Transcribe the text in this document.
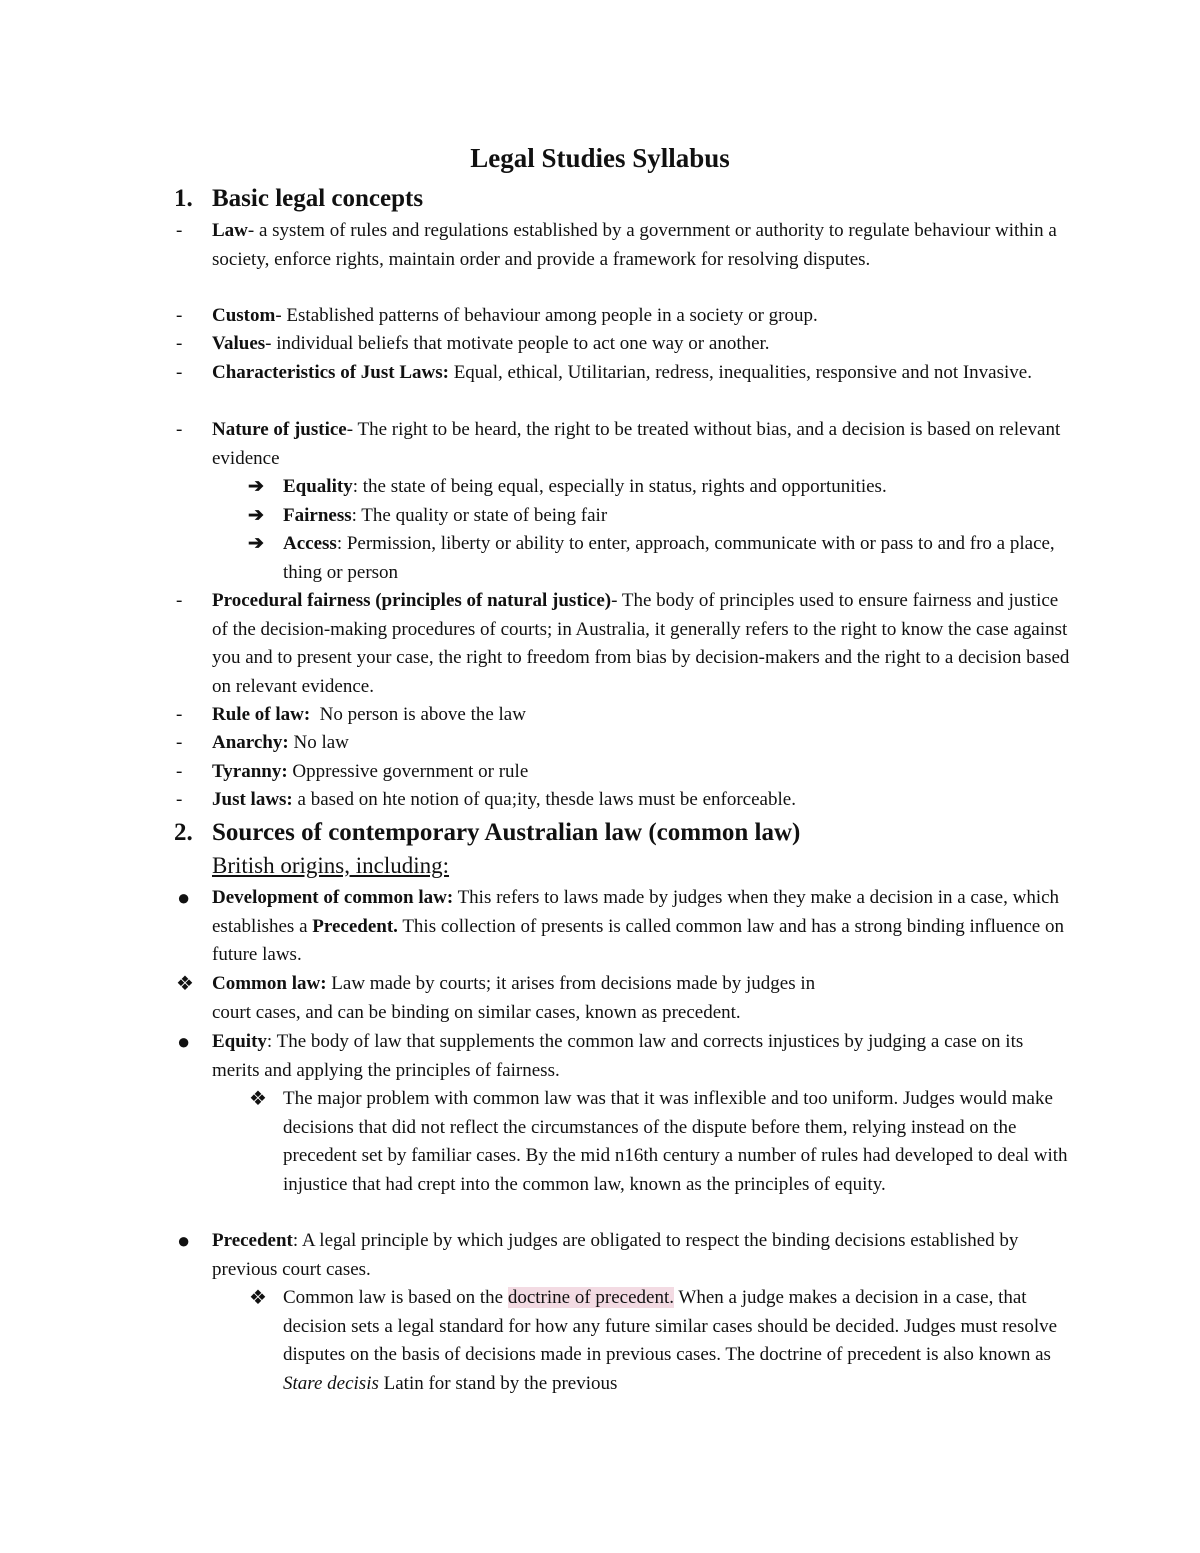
Legal Studies Syllabus
1. Basic legal concepts
- Law- a system of rules and regulations established by a government or authority to regulate behaviour within a society, enforce rights, maintain order and provide a framework for resolving disputes.
- Custom- Established patterns of behaviour among people in a society or group.
- Values- individual beliefs that motivate people to act one way or another.
- Characteristics of Just Laws: Equal, ethical, Utilitarian, redress, inequalities, responsive and not Invasive.
- Nature of justice- The right to be heard, the right to be treated without bias, and a decision is based on relevant evidence
➔ Equality: the state of being equal, especially in status, rights and opportunities.
➔ Fairness: The quality or state of being fair
➔ Access: Permission, liberty or ability to enter, approach, communicate with or pass to and fro a place, thing or person
- Procedural fairness (principles of natural justice)- The body of principles used to ensure fairness and justice of the decision-making procedures of courts; in Australia, it generally refers to the right to know the case against you and to present your case, the right to freedom from bias by decision-makers and the right to a decision based on relevant evidence.
- Rule of law:  No person is above the law
- Anarchy: No law
- Tyranny: Oppressive government or rule
- Just laws: a based on hte notion of qua;ity, thesde laws must be enforceable.
2. Sources of contemporary Australian law (common law)
British origins, including:
● Development of common law: This refers to laws made by judges when they make a decision in a case, which establishes a Precedent. This collection of presents is called common law and has a strong binding influence on future laws.
❖ Common law: Law made by courts; it arises from decisions made by judges in
court cases, and can be binding on similar cases, known as precedent.
● Equity: The body of law that supplements the common law and corrects injustices by judging a case on its merits and applying the principles of fairness.
❖ The major problem with common law was that it was inflexible and too uniform. Judges would make decisions that did not reflect the circumstances of the dispute before them, relying instead on the precedent set by familiar cases. By the mid n16th century a number of rules had developed to deal with injustice that had crept into the common law, known as the principles of equity.
● Precedent: A legal principle by which judges are obligated to respect the binding decisions established by previous court cases.
❖ Common law is based on the doctrine of precedent. When a judge makes a decision in a case, that decision sets a legal standard for how any future similar cases should be decided. Judges must resolve disputes on the basis of decisions made in previous cases. The doctrine of precedent is also known as Stare decisis Latin for stand by the previous
